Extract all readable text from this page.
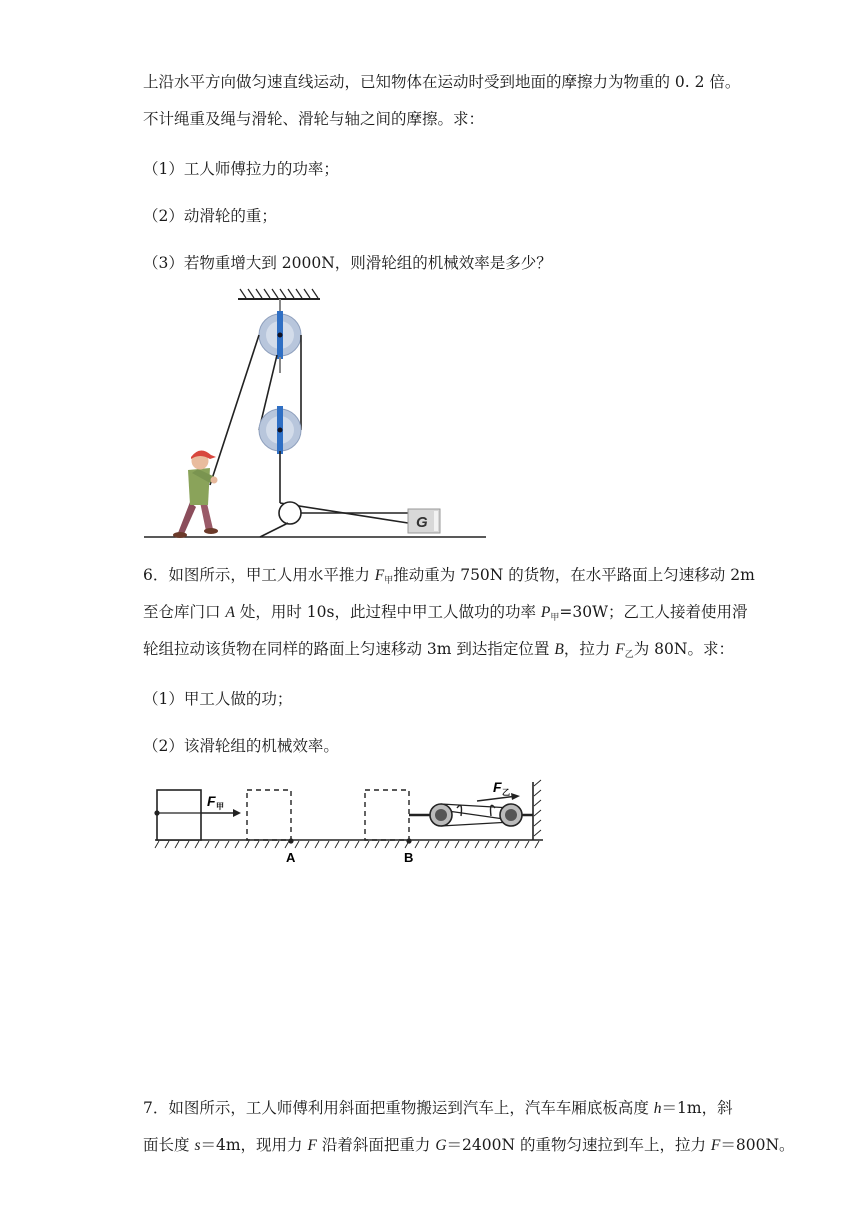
上沿水平方向做匀速直线运动，已知物体在运动时受到地面的摩擦力为物重的 0. 2 倍。
不计绳重及绳与滑轮、滑轮与轴之间的摩擦。求：
（1）工人师傅拉力的功率；
（2）动滑轮的重；
（3）若物重增大到 2000N，则滑轮组的机械效率是多少？
G
6．如图所示，甲工人用水平推力 $F_甲$推动重为 750N 的货物，在水平路面上匀速移动 2m
至仓库门口 A 处，用时 10s，此过程中甲工人做功的功率 $P_甲=30W$；乙工人接着使用滑
轮组拉动该货物在同样的路面上匀速移动 3m 到达指定位置 B，拉力 $F_乙$为 80N。求：
（1）甲工人做的功；
（2）该滑轮组的机械效率。
F 甲
A	B
F 乙
7．如图所示，工人师傅利用斜面把重物搬运到汽车上，汽车车厢底板高度 h＝1m，斜
面长度 s＝4m，现用力 F 沿着斜面把重力 G＝2400N 的重物匀速拉到车上，拉力 F＝800N。
